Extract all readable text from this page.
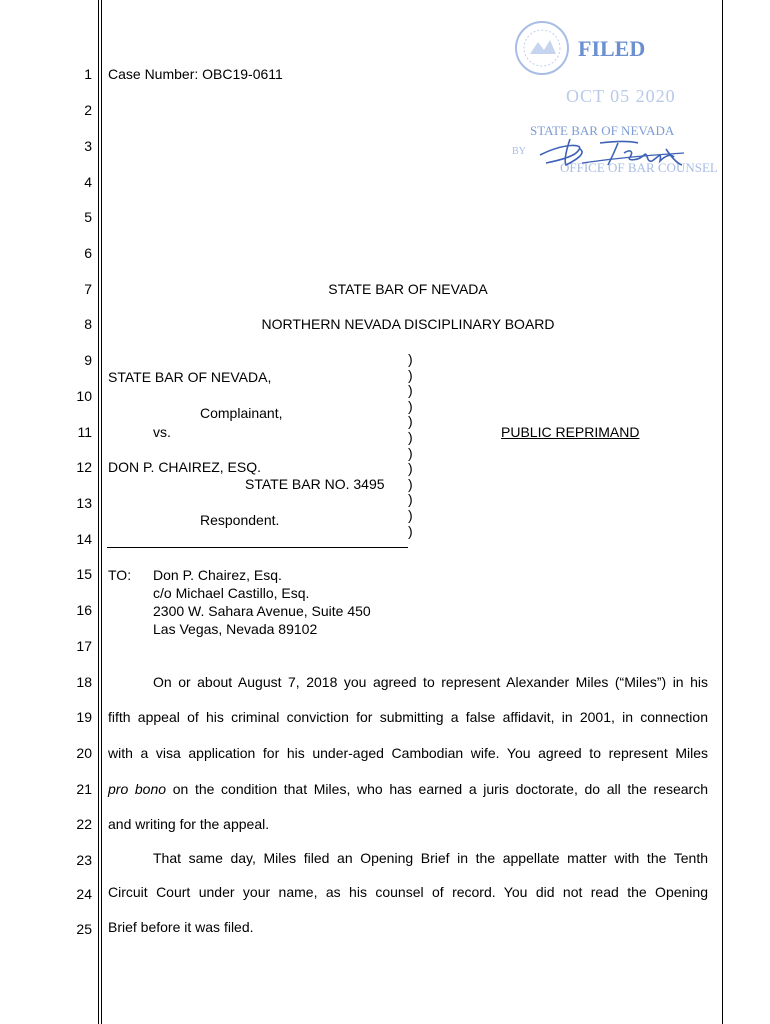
1
2
3
4
5
6
7
8
9
10
11
12
13
14
15
16
17
18
19
20
21
22
23
24
25
Case Number: OBC19-0611
FILED
OCT 05 2020
STATE BAR OF NEVADA
BY
OFFICE OF BAR COUNSEL
STATE BAR OF NEVADA
NORTHERN NEVADA DISCIPLINARY BOARD
STATE BAR OF NEVADA,
Complainant,
vs.
DON P. CHAIREZ, ESQ.
STATE BAR NO. 3495
Respondent.
)
)
)
)
)
)
)
)
)
)
)
)
PUBLIC REPRIMAND
TO: Don P. Chairez, Esq.
c/o Michael Castillo, Esq.
2300 W. Sahara Avenue, Suite 450
Las Vegas, Nevada 89102
On or about August 7, 2018 you agreed to represent Alexander Miles (“Miles”) in his
fifth appeal of his criminal conviction for submitting a false affidavit, in 2001, in connection
with a visa application for his under-aged Cambodian wife. You agreed to represent Miles
pro bono on the condition that Miles, who has earned a juris doctorate, do all the research
and writing for the appeal.
That same day, Miles filed an Opening Brief in the appellate matter with the Tenth
Circuit Court under your name, as his counsel of record. You did not read the Opening
Brief before it was filed.
